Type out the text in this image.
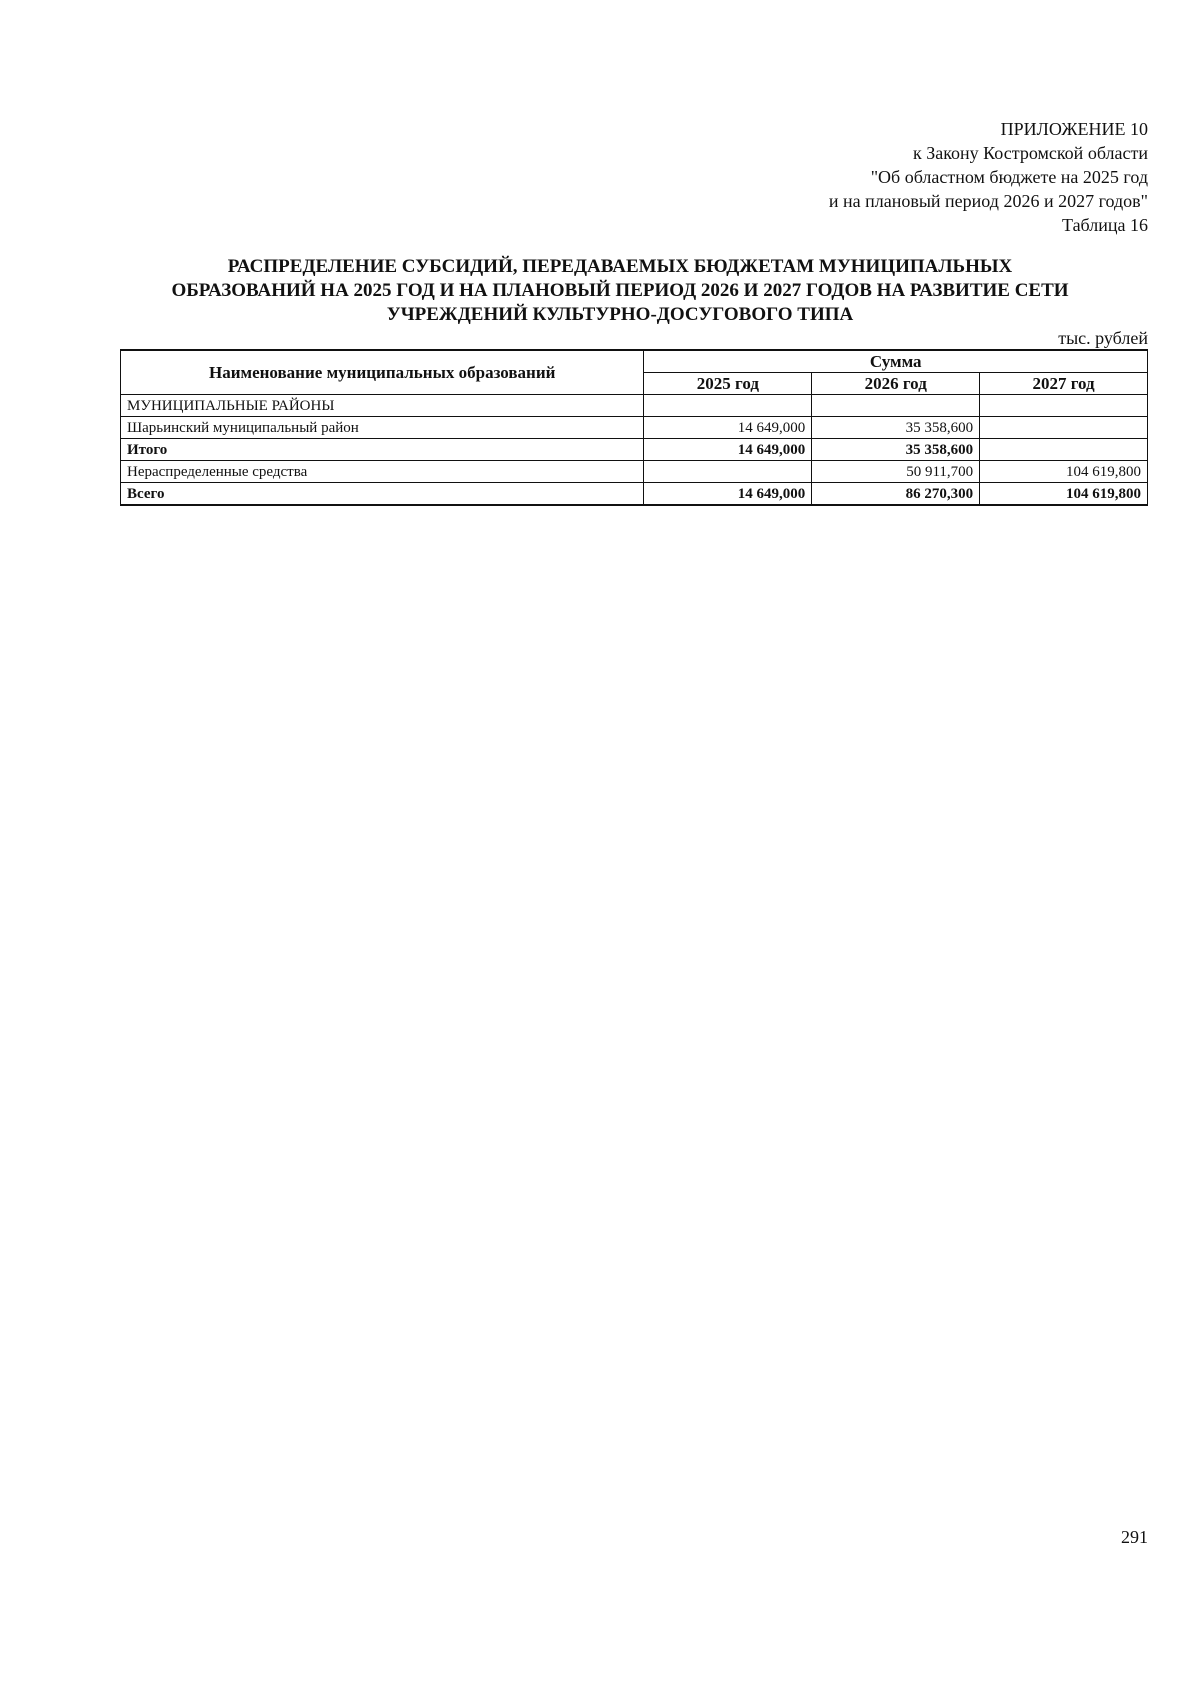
ПРИЛОЖЕНИЕ 10
к Закону Костромской области
"Об областном бюджете на 2025 год
и на плановый период 2026 и 2027 годов"
Таблица 16
РАСПРЕДЕЛЕНИЕ СУБСИДИЙ, ПЕРЕДАВАЕМЫХ БЮДЖЕТАМ МУНИЦИПАЛЬНЫХ
ОБРАЗОВАНИЙ НА 2025 ГОД И НА ПЛАНОВЫЙ ПЕРИОД 2026 И 2027 ГОДОВ НА РАЗВИТИЕ СЕТИ
УЧРЕЖДЕНИЙ КУЛЬТУРНО-ДОСУГОВОГО ТИПА
тыс. рублей
Наименование муниципальных образований	Сумма		
	2025 год	2026 год	2027 год
МУНИЦИПАЛЬНЫЕ РАЙОНЫ			
Шарьинский муниципальный район	14 649,000	35 358,600	
Итого	14 649,000	35 358,600	
Нераспределенные средства		50 911,700	104 619,800
Всего	14 649,000	86 270,300	104 619,800
291
